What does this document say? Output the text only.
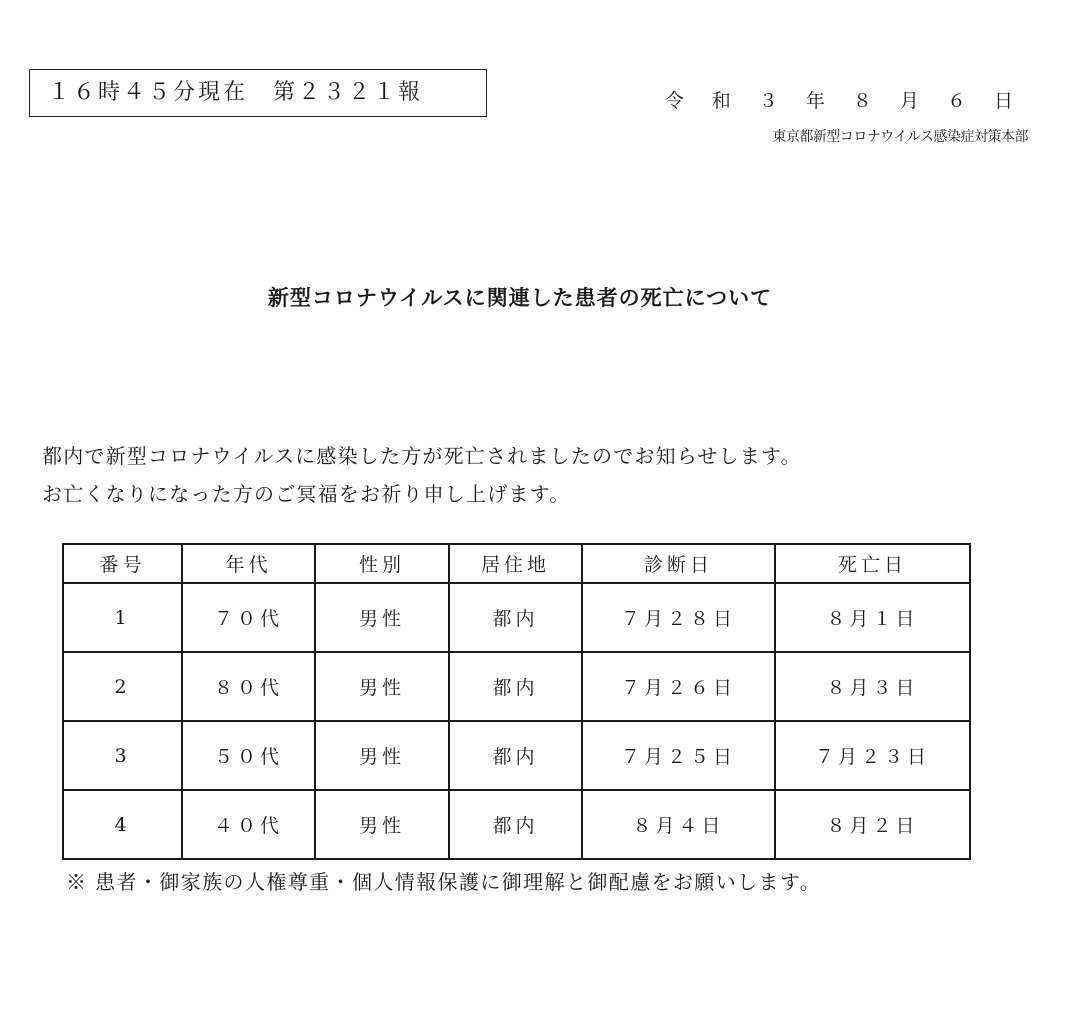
１６時４５分現在　第２３２１報	令 和 ３ 年 ８ 月 ６ 日
東京都新型コロナウイルス感染症対策本部
新型コロナウイルスに関連した患者の死亡について

都内で新型コロナウイルスに感染した方が死亡されましたのでお知らせします。

お亡くなりになった方のご冥福をお祈り申し上げます。

番号	年代	性別	居住地	診断日	死亡日
1	７０代	男性	都内	７月２８日	８月１日
2	８０代	男性	都内	７月２６日	８月３日
3	５０代	男性	都内	７月２５日	７月２３日
4	４０代	男性	都内	８月４日	８月２日
※ 患者・御家族の人権尊重・個人情報保護に御理解と御配慮をお願いします。
